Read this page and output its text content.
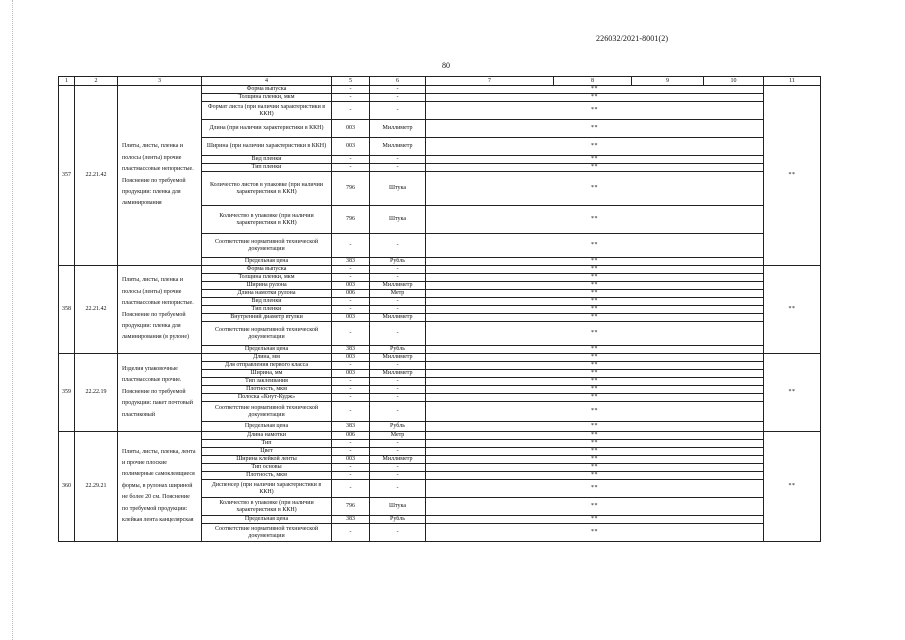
226032/2021-8001(2)
80
1	2	3	4	5	6	7	8	9	10	11
357	22.21.42	Плиты, листы, пленка и полосы (ленты) прочие пластмассовые непористые. Пояснение по требуемой продукции: пленка для ламинирования	Форма выпуска	-	-	**				**
			Толщина пленки, мкм	-	-	**				
			Формат листа (при наличии характеристики в ККН)	-	-	**				
			Длина (при наличии характеристики в ККН)	003	Миллиметр	**				
			Ширина (при наличии характеристики в ККН)	003	Миллиметр	**				
			Вид пленки	-	-	**				
			Тип пленки	-	-	**				
			Количество листов в упаковке (при наличии характеристики в ККН)	796	Штука	**				
			Количество в упаковке (при наличии характеристики в ККН)	796	Штука	**				
			Соответствие нормативной технической документации	-	-	**				
			Предельная цена	383	Рубль	**				
358	22.21.42	Плиты, листы, пленка и полосы (ленты) прочие пластмассовые непористые. Пояснение по требуемой продукции: пленка для ламинирования (в рулоне)	Форма выпуска	-	-	**				**
			Толщина пленки, мкм	-	-	**				
			Ширина рулона	003	Миллиметр	**				
			Длина намотки рулона	006	Метр	**				
			Вид пленки	-	-	**				
			Тип пленки	-	-	**				
			Внутренний диаметр втулки	003	Миллиметр	**				
			Соответствие нормативной технической документации	-	-	**				
			Предельная цена	383	Рубль	**				
359	22.22.19	Изделия упаковочные пластмассовые прочие. Пояснение по требуемой продукции: пакет почтовый пластиковый	Длина, мм	003	Миллиметр	**				**
			Для отправления первого класса	-	-	**				
			Ширина, мм	003	Миллиметр	**				
			Тип заклеивания	-	-	**				
			Плотность, мкм	-	-	**				
			Полоска «Кнут-Кудж»	-	-	**				
			Соответствие нормативной технической документации	-	-	**				
			Предельная цена	383	Рубль	**				
360	22.29.21	Плиты, листы, пленка, лента и прочие плоские полимерные самоклеящиеся формы, в рулонах шириной не более 20 см. Пояснение по требуемой продукции: клейкая лента канцелярская	Длина намотки	006	Метр	**				**
			Тип	-	-	**				
			Цвет	-	-	**				
			Ширина клейкой ленты	003	Миллиметр	**				
			Тип основы	-	-	**				
			Плотность, мкм	-	-	**				
			Диспенсер (при наличии характеристики в ККН)	-	-	**				
			Количество в упаковке (при наличии характеристики в ККН)	796	Штука	**				
			Предельная цена	383	Рубль	**				
			Соответствие нормативной технической документации	-	-	**				
